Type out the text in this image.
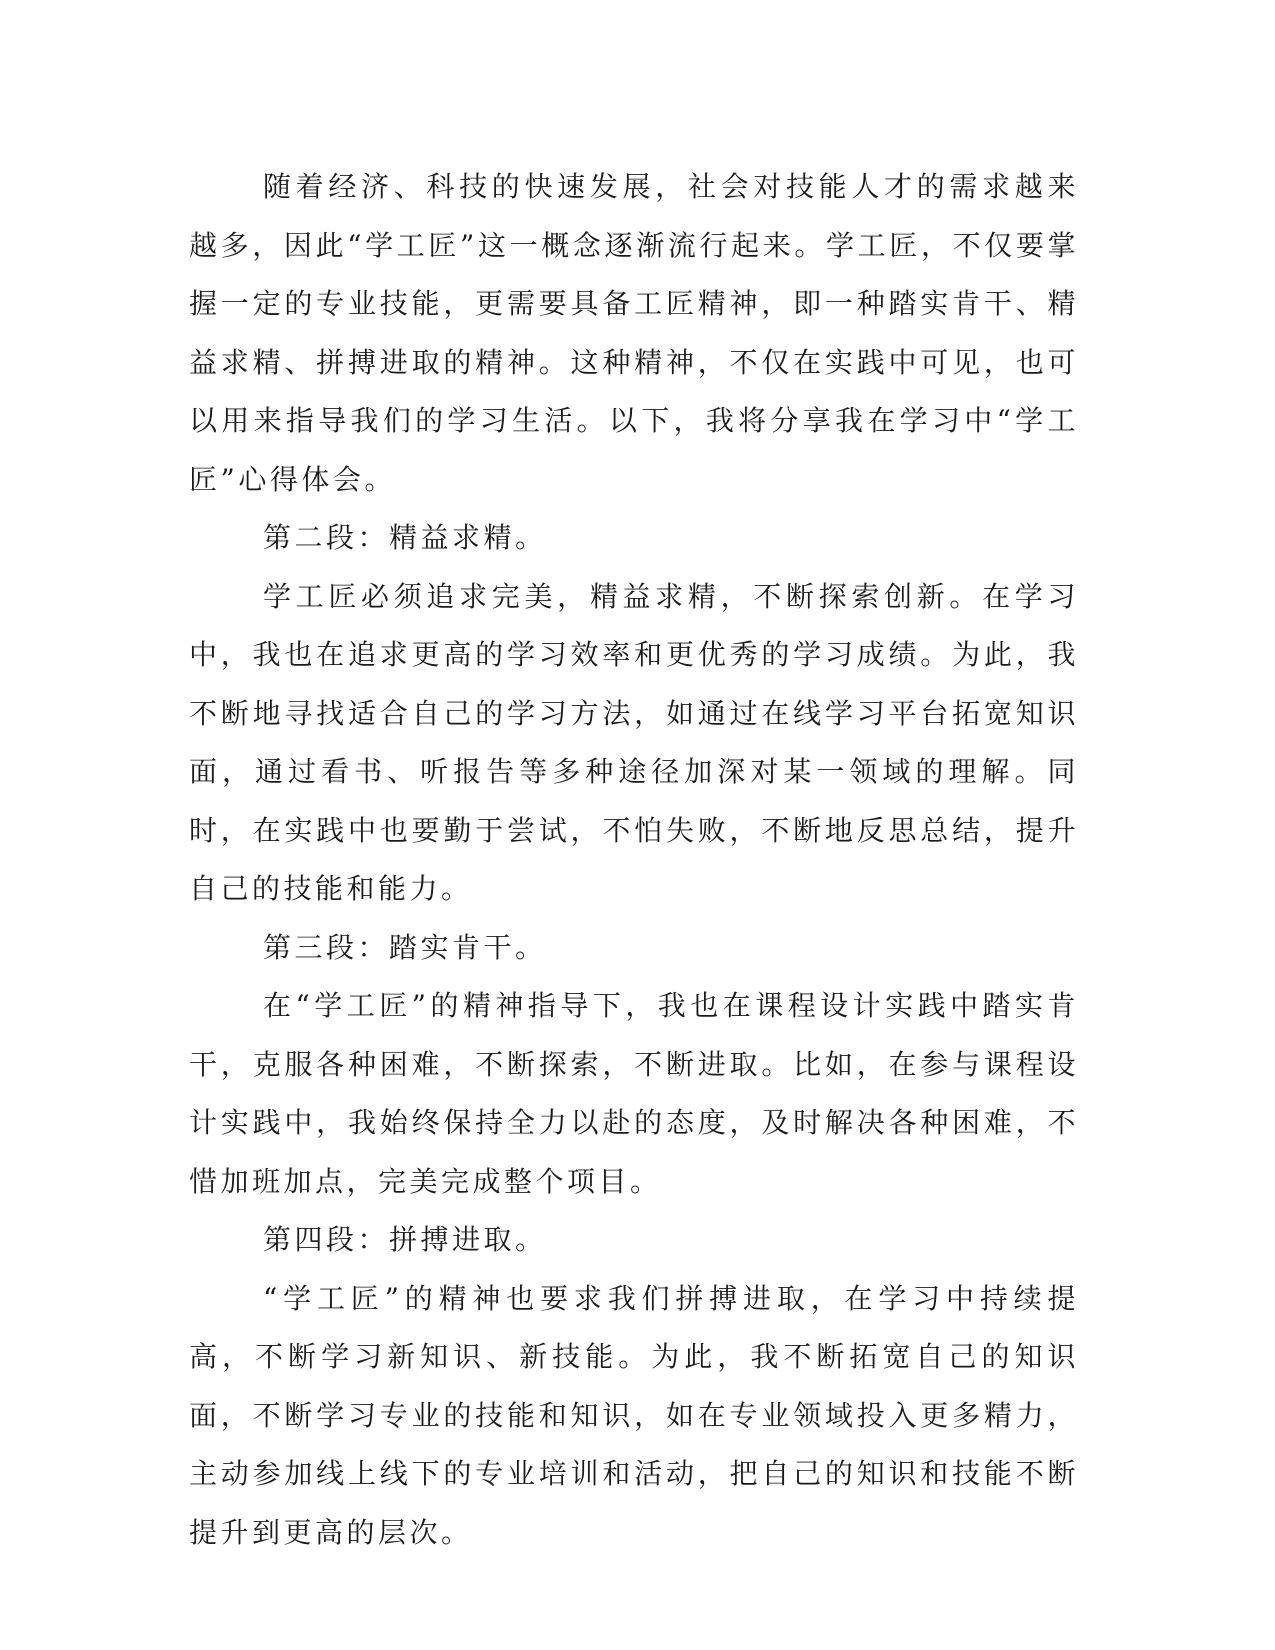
随着经济、科技的快速发展，社会对技能人才的需求越来越多，因此“学工匠”这一概念逐渐流行起来。学工匠，不仅要掌握一定的专业技能，更需要具备工匠精神，即一种踏实肯干、精益求精、拼搏进取的精神。这种精神，不仅在实践中可见，也可以用来指导我们的学习生活。以下，我将分享我在学习中“学工匠”心得体会。

第二段：精益求精。

学工匠必须追求完美，精益求精，不断探索创新。在学习中，我也在追求更高的学习效率和更优秀的学习成绩。为此，我不断地寻找适合自己的学习方法，如通过在线学习平台拓宽知识面，通过看书、听报告等多种途径加深对某一领域的理解。同时，在实践中也要勤于尝试，不怕失败，不断地反思总结，提升自己的技能和能力。

第三段：踏实肯干。

在“学工匠”的精神指导下，我也在课程设计实践中踏实肯干，克服各种困难，不断探索，不断进取。比如，在参与课程设计实践中，我始终保持全力以赴的态度，及时解决各种困难，不惜加班加点，完美完成整个项目。

第四段：拼搏进取。

“学工匠”的精神也要求我们拼搏进取，在学习中持续提高，不断学习新知识、新技能。为此，我不断拓宽自己的知识面，不断学习专业的技能和知识，如在专业领域投入更多精力，主动参加线上线下的专业培训和活动，把自己的知识和技能不断提升到更高的层次。
